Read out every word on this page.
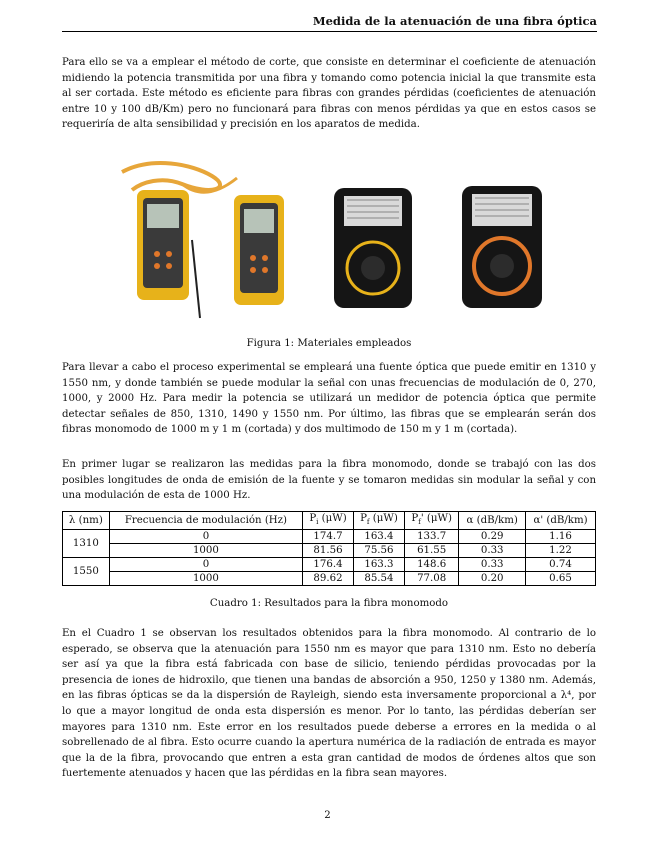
Medida de la atenuación de una fibra óptica
Para ello se va a emplear el método de corte, que consiste en determinar el coeficiente de atenuación midiendo la potencia transmitida por una fibra y tomando como potencia inicial la que transmite esta al ser cortada. Este método es eficiente para fibras con grandes pérdidas (coeficientes de atenuación entre 10 y 100 dB/Km) pero no funcionará para fibras con menos pérdidas ya que en estos casos se requeriría de alta sensibilidad y precisión en los aparatos de medida.
Figura 1: Materiales empleados
Para llevar a cabo el proceso experimental se empleará una fuente óptica que puede emitir en 1310 y 1550 nm, y donde también se puede modular la señal con unas frecuencias de modulación de 0, 270, 1000, y 2000 Hz. Para medir la potencia se utilizará un medidor de potencia óptica que permite detectar señales de 850, 1310, 1490 y 1550 nm. Por último, las fibras que se emplearán serán dos fibras monomodo de 1000 m y 1 m (cortada) y dos multimodo de 150 m y 1 m (cortada).
En primer lugar se realizaron las medidas para la fibra monomodo, donde se trabajó con las dos posibles longitudes de onda de emisión de la fuente y se tomaron medidas sin modular la señal y con una modulación de esta de 1000 Hz.
λ (nm)	Frecuencia de modulación (Hz)	$P_i$ (μW)	$P_f$ (μW)	$P_f'$ (μW)	α (dB/km)	α' (dB/km)
1310	0	174.7	163.4	133.7	0.29	1.16
	1000	81.56	75.56	61.55	0.33	1.22
1550	0	176.4	163.3	148.6	0.33	0.74
	1000	89.62	85.54	77.08	0.20	0.65
Cuadro 1: Resultados para la fibra monomodo
En el Cuadro 1 se observan los resultados obtenidos para la fibra monomodo. Al contrario de lo esperado, se observa que la atenuación para 1550 nm es mayor que para 1310 nm. Esto no debería ser así ya que la fibra está fabricada con base de silicio, teniendo pérdidas provocadas por la presencia de iones de hidroxilo, que tienen una bandas de absorción a 950, 1250 y 1380 nm. Además, en las fibras ópticas se da la dispersión de Rayleigh, siendo esta inversamente proporcional a λ⁴, por lo que a mayor longitud de onda esta dispersión es menor. Por lo tanto, las pérdidas deberían ser mayores para 1310 nm. Este error en los resultados puede deberse a errores en la medida o al sobrellenado de al fibra. Esto ocurre cuando la apertura numérica de la radiación de entrada es mayor que la de la fibra, provocando que entren a esta gran cantidad de modos de órdenes altos que son fuertemente atenuados y hacen que las pérdidas en la fibra sean mayores.
2
